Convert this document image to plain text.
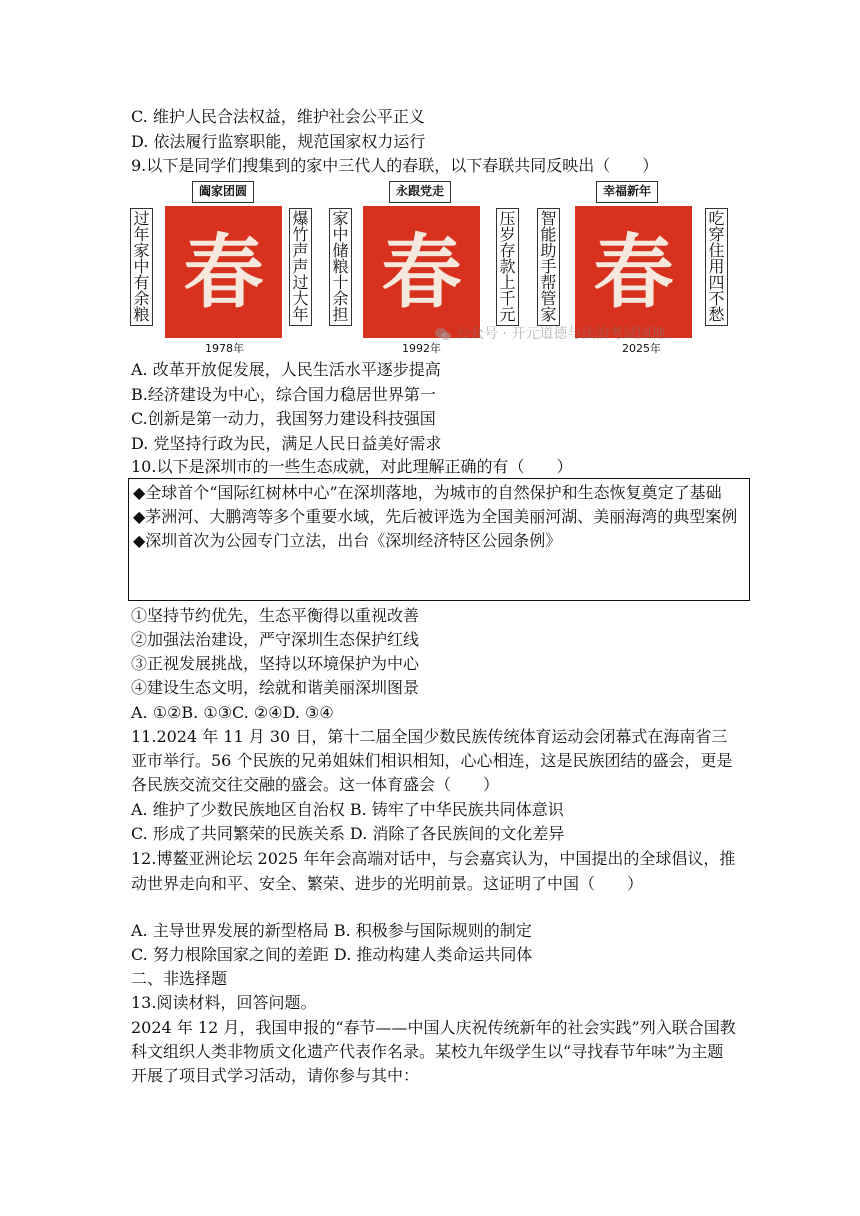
C. 维护人民合法权益，维护社会公平正义
D. 依法履行监察职能，规范国家权力运行
9.以下是同学们搜集到的家中三代人的春联，以下春联共同反映出（　　）
阖家团圆
过
年
家
中
有
余
粮 春
爆
竹
声
声
过
大
年
1978年
永跟党走
家
中
储
粮
十
余
担 春
压
岁
存
款
上
千
元
1992年
幸福新年
智
能
助
手
帮
管
家 春
吃
穿
住
用
四
不
愁
2025年
公众号 · 开元道德与法治考试园地
A. 改革开放促发展，人民生活水平逐步提高
B.经济建设为中心，综合国力稳居世界第一
C.创新是第一动力，我国努力建设科技强国
D. 党坚持行政为民，满足人民日益美好需求
10.以下是深圳市的一些生态成就，对此理解正确的有（　　）
◆全球首个“国际红树林中心”在深圳落地，为城市的自然保护和生态恢复奠定了基础
◆茅洲河、大鹏湾等多个重要水域，先后被评选为全国美丽河湖、美丽海湾的典型案例
◆深圳首次为公园专门立法，出台《深圳经济特区公园条例》
①坚持节约优先，生态平衡得以重视改善
②加强法治建设，严守深圳生态保护红线
③正视发展挑战，坚持以环境保护为中心
④建设生态文明，绘就和谐美丽深圳图景
A. ①②B. ①③C. ②④D. ③④
11.2024 年 11 月 30 日，第十二届全国少数民族传统体育运动会闭幕式在海南省三亚市举行。56 个民族的兄弟姐妹们相识相知，心心相连，这是民族团结的盛会，更是各民族交流交往交融的盛会。这一体育盛会（　　）
A. 维护了少数民族地区自治权 B. 铸牢了中华民族共同体意识
C. 形成了共同繁荣的民族关系 D. 消除了各民族间的文化差异
12.博鳌亚洲论坛 2025 年年会高端对话中，与会嘉宾认为，中国提出的全球倡议，推动世界走向和平、安全、繁荣、进步的光明前景。这证明了中国（　　）
A. 主导世界发展的新型格局 B. 积极参与国际规则的制定
C. 努力根除国家之间的差距 D. 推动构建人类命运共同体
二、非选择题
13.阅读材料，回答问题。
2024 年 12 月，我国申报的“春节——中国人庆祝传统新年的社会实践”列入联合国教科文组织人类非物质文化遗产代表作名录。某校九年级学生以“寻找春节年味”为主题开展了项目式学习活动，请你参与其中：
